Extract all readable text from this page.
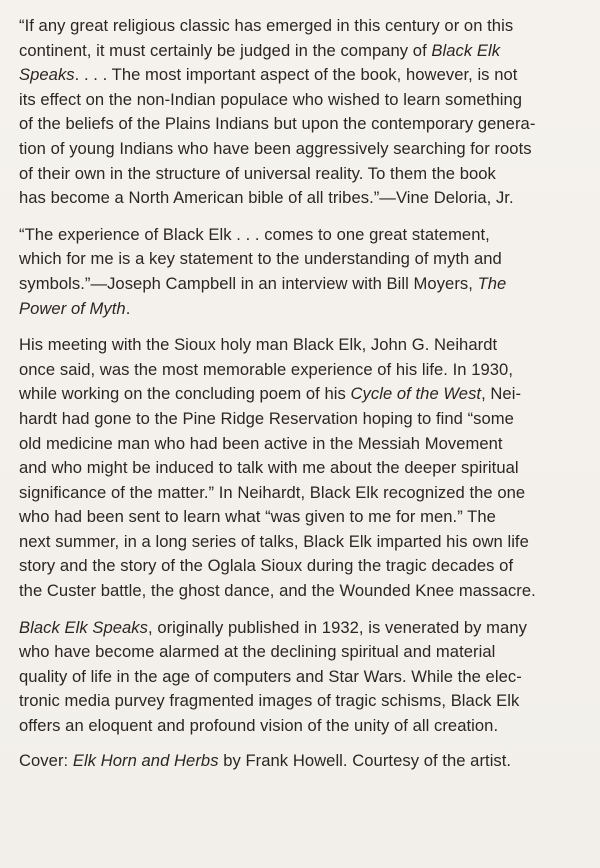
“If any great religious classic has emerged in this century or on this
continent, it must certainly be judged in the company of Black Elk
Speaks. . . . The most important aspect of the book, however, is not
its effect on the non-Indian populace who wished to learn something
of the beliefs of the Plains Indians but upon the contemporary genera-
tion of young Indians who have been aggressively searching for roots
of their own in the structure of universal reality. To them the book
has become a North American bible of all tribes.”—Vine Deloria, Jr.
“The experience of Black Elk . . . comes to one great statement,
which for me is a key statement to the understanding of myth and
symbols.”—Joseph Campbell in an interview with Bill Moyers, The
Power of Myth.
His meeting with the Sioux holy man Black Elk, John G. Neihardt
once said, was the most memorable experience of his life. In 1930,
while working on the concluding poem of his Cycle of the West, Nei-
hardt had gone to the Pine Ridge Reservation hoping to find “some
old medicine man who had been active in the Messiah Movement
and who might be induced to talk with me about the deeper spiritual
significance of the matter.” In Neihardt, Black Elk recognized the one
who had been sent to learn what “was given to me for men.” The
next summer, in a long series of talks, Black Elk imparted his own life
story and the story of the Oglala Sioux during the tragic decades of
the Custer battle, the ghost dance, and the Wounded Knee massacre.
Black Elk Speaks, originally published in 1932, is venerated by many
who have become alarmed at the declining spiritual and material
quality of life in the age of computers and Star Wars. While the elec-
tronic media purvey fragmented images of tragic schisms, Black Elk
offers an eloquent and profound vision of the unity of all creation.
Cover: Elk Horn and Herbs by Frank Howell. Courtesy of the artist.
